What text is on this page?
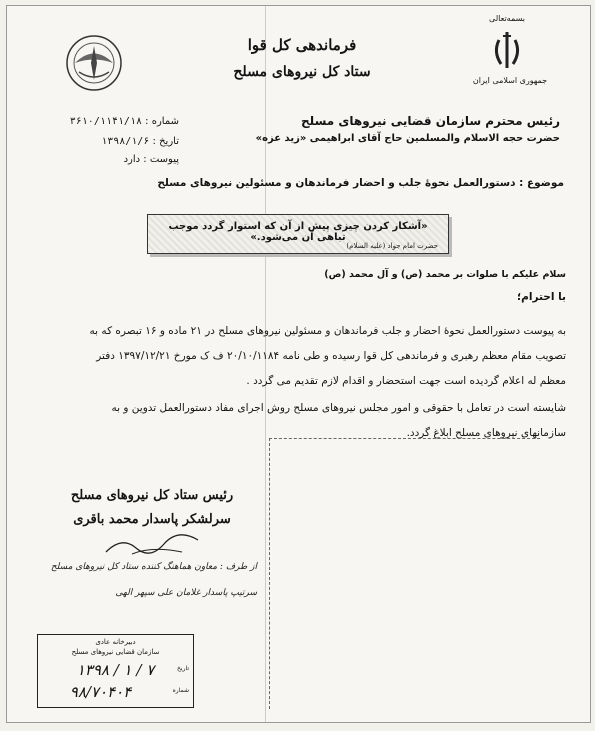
فرماندهی کل قوا
ستاد کل نیروهای مسلح
بسمه‌تعالی
جمهوری اسلامی ایران
شماره : ۳۶۱۰/۱۱۴۱/۱۸
تاریخ : ۱۳۹۸/۱/۶
پیوست : دارد
رئیس محترم سازمان قضایی نیروهای مسلح
حضرت حجه الاسلام والمسلمین حاج آقای ابراهیمی «زید عزه»
موضوع : دستورالعمل نحوهٔ جلب و احضار فرماندهان و مسئولین نیروهای مسلح
«آشکار کردن چیزی پیش از آن که استوار گردد موجب تباهی آن می‌شود.»
حضرت امام جواد (علیه السلام)
سلام علیکم با صلوات بر محمد (ص) و آل محمد (ص)
با احترام؛
به پیوست دستورالعمل نحوهٔ احضار و جلب فرماندهان و مسئولین نیروهای مسلح در ۲۱ ماده و ۱۶ تبصره که به
تصویب مقام معظم رهبری و فرماندهی کل قوا رسیده و طی نامه ۲۰/۱۰/۱۱۸۴ ف ک مورخ ۱۳۹۷/۱۲/۲۱ دفتر
معظم له اعلام گردیده است جهت استحضار و اقدام لازم تقدیم می گردد .
شایسته است در تعامل با حقوقی و امور مجلس نیروهای مسلح روش اجرای مفاد دستورالعمل تدوین و به
سازمانهای نیروهای مسلح ابلاغ گردد.
رئیس ستاد کل نیروهای مسلح
سرلشکر پاسدار محمد باقری
از طرف : معاون هماهنگ کننده ستاد کل نیروهای مسلح
سرتیپ پاسدار غلامان علی سپهر الهی
دبیرخانه عادی
سازمان قضایی نیروهای مسلح
۱۳۹۸ / ۱ / ۷
۹۸/۷۰۴۰۴
تاریخ
شماره
